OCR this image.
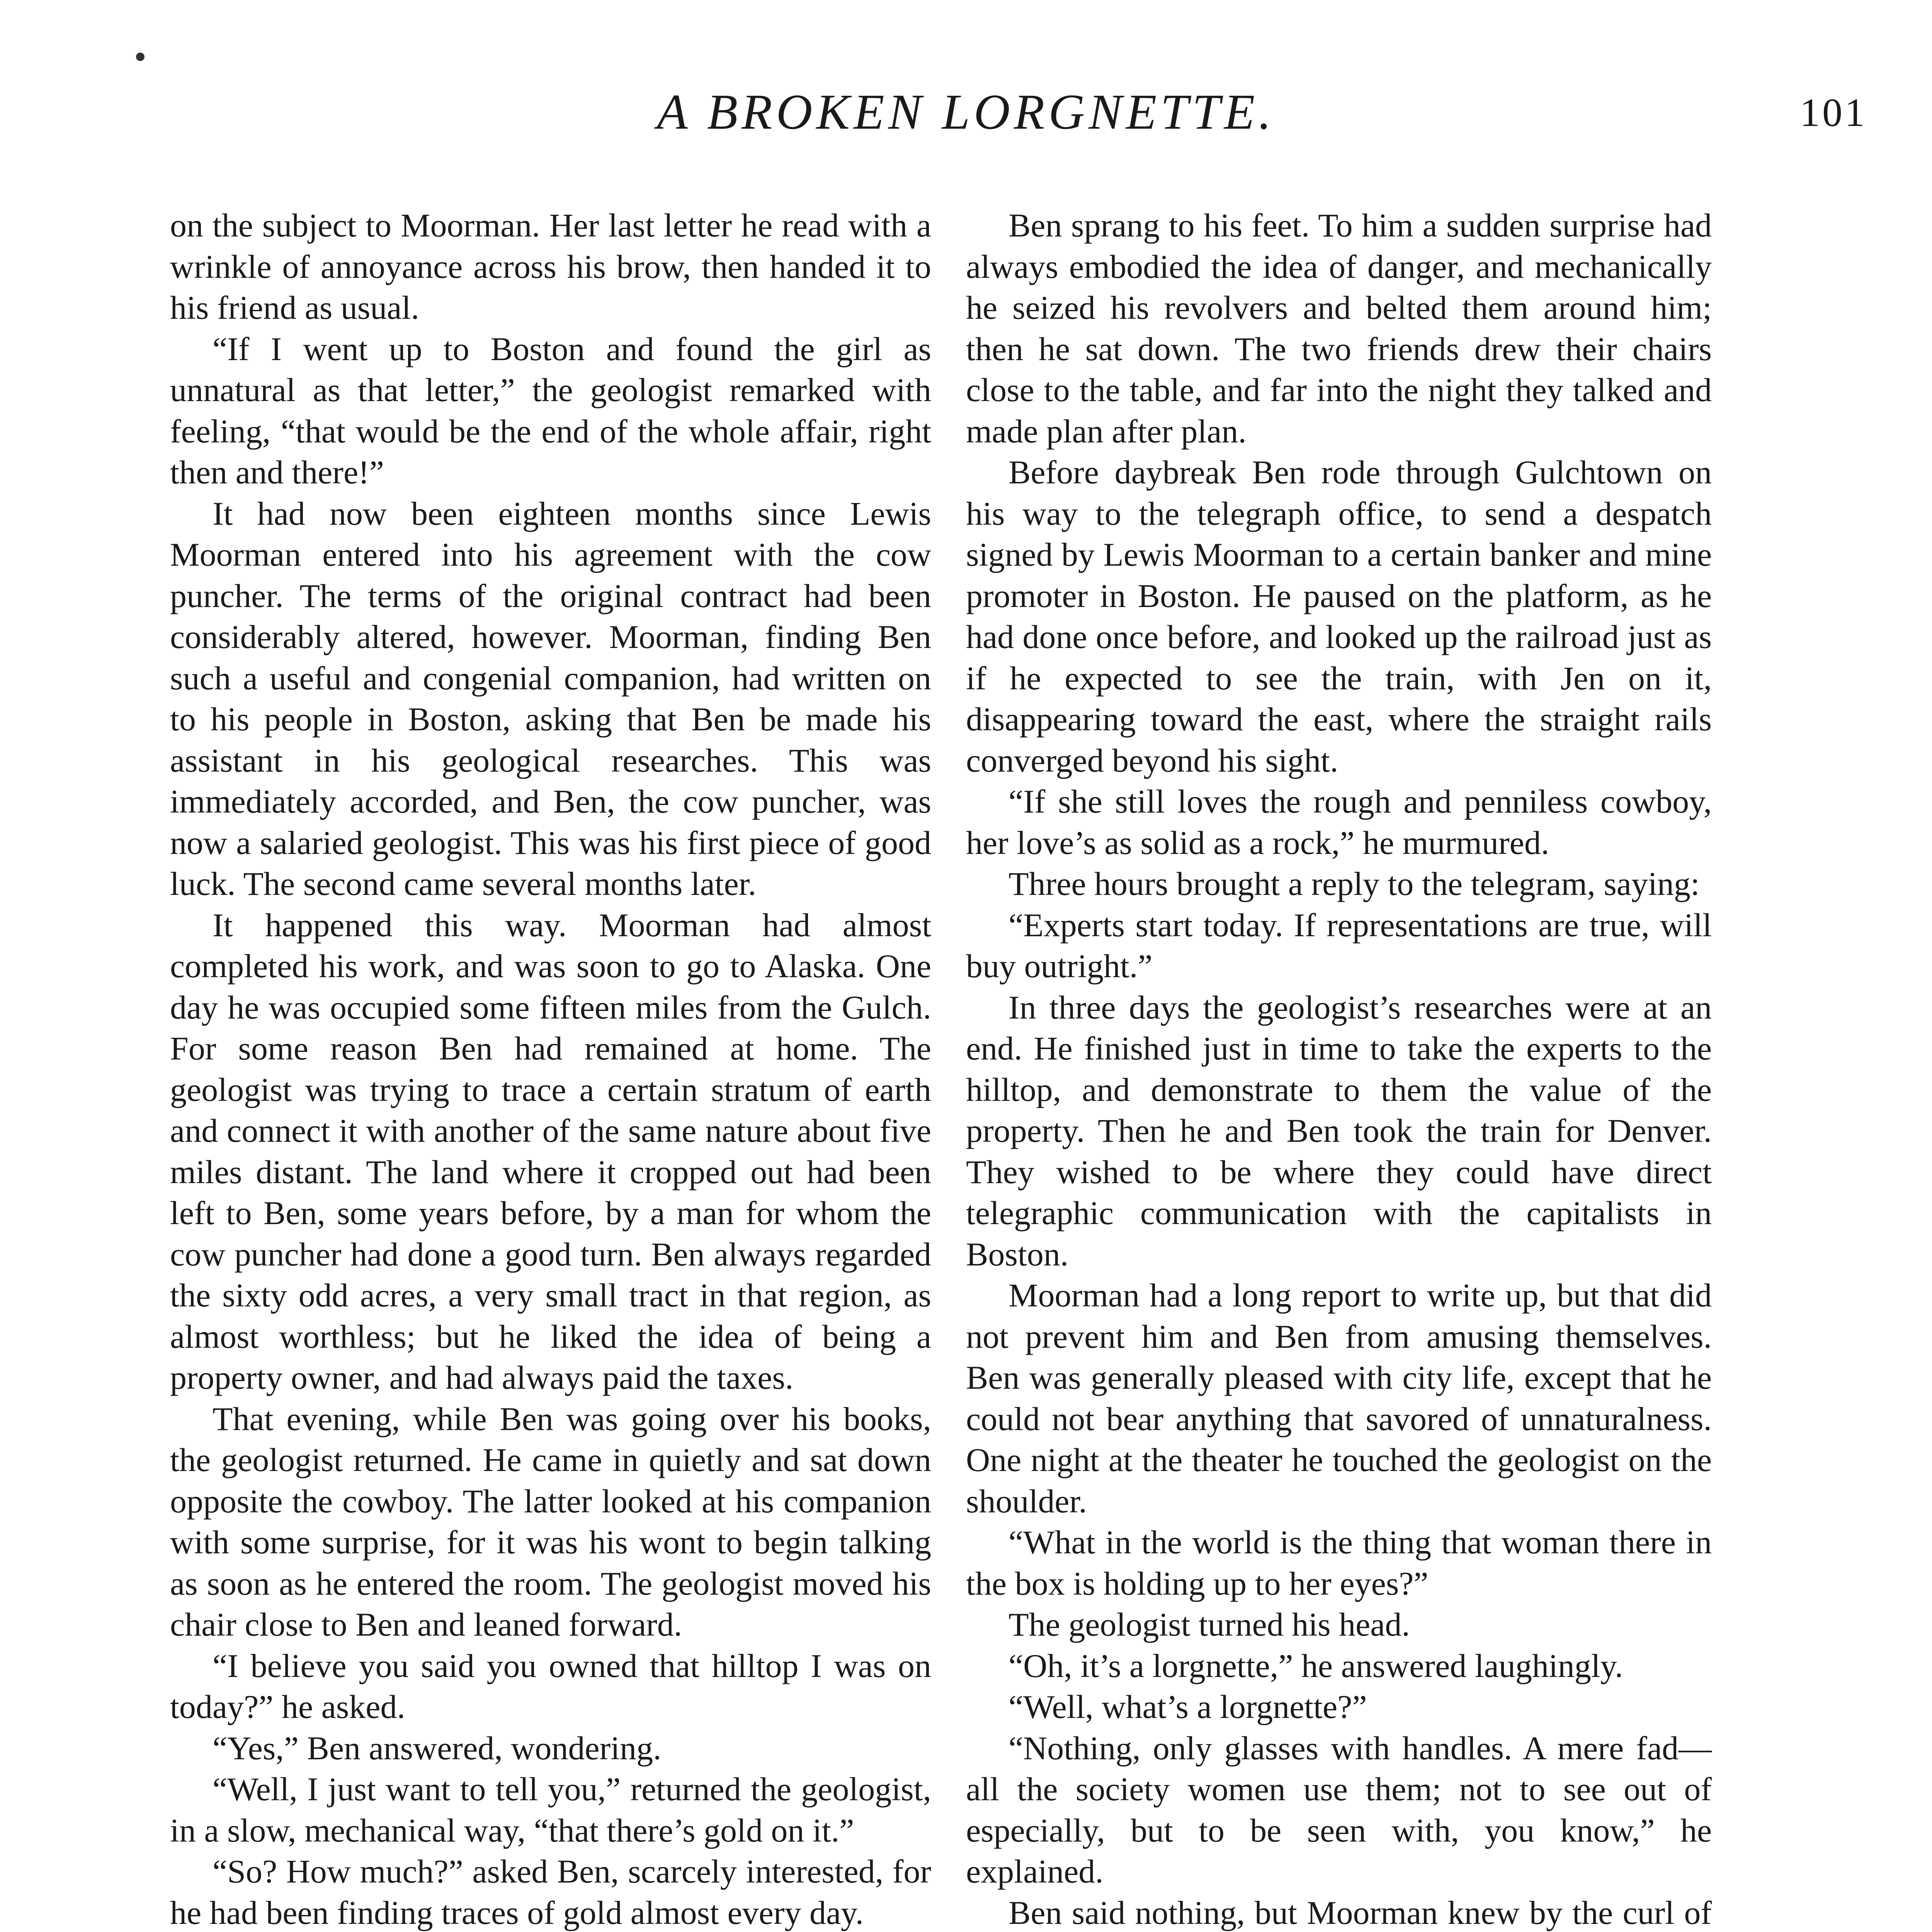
A BROKEN LORGNETTE.	101

on the subject to Moorman. Her last letter he read with a wrinkle of annoyance across his brow, then handed it to his friend as usual.

“If I went up to Boston and found the girl as unnatural as that letter,” the geologist remarked with feeling, “that would be the end of the whole affair, right then and there!”

It had now been eighteen months since Lewis Moorman entered into his agreement with the cow puncher. The terms of the original contract had been considerably altered, however. Moorman, finding Ben such a useful and congenial companion, had written on to his people in Boston, asking that Ben be made his assistant in his geological researches. This was immediately accorded, and Ben, the cow puncher, was now a salaried geologist. This was his first piece of good luck. The second came several months later.

It happened this way. Moorman had almost completed his work, and was soon to go to Alaska. One day he was occupied some fifteen miles from the Gulch. For some reason Ben had remained at home. The geologist was trying to trace a certain stratum of earth and connect it with another of the same nature about five miles distant. The land where it cropped out had been left to Ben, some years before, by a man for whom the cow puncher had done a good turn. Ben always regarded the sixty odd acres, a very small tract in that region, as almost worthless; but he liked the idea of being a property owner, and had always paid the taxes.

That evening, while Ben was going over his books, the geologist returned. He came in quietly and sat down opposite the cowboy. The latter looked at his companion with some surprise, for it was his wont to begin talking as soon as he entered the room. The geologist moved his chair close to Ben and leaned forward.

“I believe you said you owned that hilltop I was on today?” he asked.

“Yes,” Ben answered, wondering.

“Well, I just want to tell you,” returned the geologist, in a slow, mechanical way, “that there’s gold on it.”

“So? How much?” asked Ben, scarcely interested, for he had been finding traces of gold almost every day.

Ben sprang to his feet. To him a sudden surprise had always embodied the idea of danger, and mechanically he seized his revolvers and belted them around him; then he sat down. The two friends drew their chairs close to the table, and far into the night they talked and made plan after plan.

Before daybreak Ben rode through Gulchtown on his way to the telegraph office, to send a despatch signed by Lewis Moorman to a certain banker and mine promoter in Boston. He paused on the platform, as he had done once before, and looked up the railroad just as if he expected to see the train, with Jen on it, disappearing toward the east, where the straight rails converged beyond his sight.

“If she still loves the rough and penniless cowboy, her love’s as solid as a rock,” he murmured.

Three hours brought a reply to the telegram, saying:

“Experts start today. If representations are true, will buy outright.”

In three days the geologist’s researches were at an end. He finished just in time to take the experts to the hilltop, and demonstrate to them the value of the property. Then he and Ben took the train for Denver. They wished to be where they could have direct telegraphic communication with the capitalists in Boston.

Moorman had a long report to write up, but that did not prevent him and Ben from amusing themselves. Ben was generally pleased with city life, except that he could not bear anything that savored of unnaturalness. One night at the theater he touched the geologist on the shoulder.

“What in the world is the thing that woman there in the box is holding up to her eyes?”

The geologist turned his head.

“Oh, it’s a lorgnette,” he answered laughingly.

“Well, what’s a lorgnette?”

“Nothing, only glasses with handles. A mere fad—all the society women use them; not to see out of especially, but to be seen with, you know,” he explained.

Ben said nothing, but Moorman knew by the curl of
